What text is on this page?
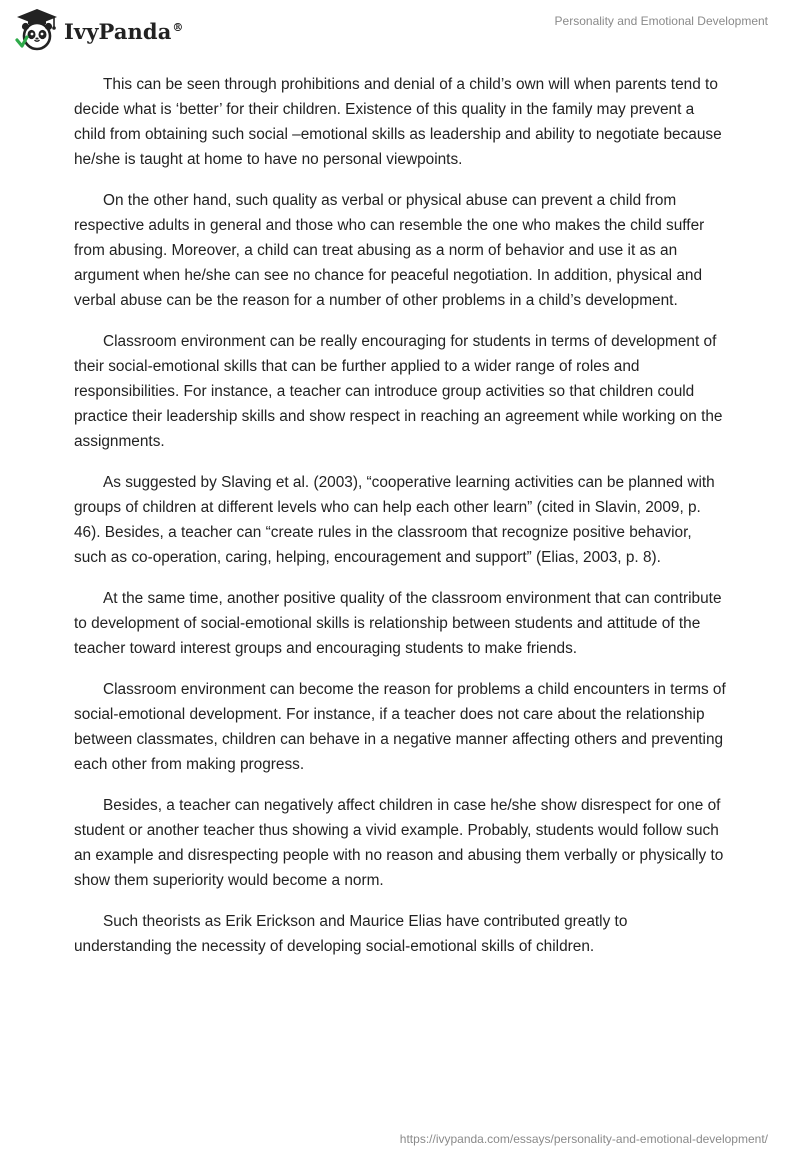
IvyPanda®	Personality and Emotional Development

This can be seen through prohibitions and denial of a child’s own will when parents tend to decide what is ‘better’ for their children. Existence of this quality in the family may prevent a child from obtaining such social –emotional skills as leadership and ability to negotiate because he/she is taught at home to have no personal viewpoints.

On the other hand, such quality as verbal or physical abuse can prevent a child from respective adults in general and those who can resemble the one who makes the child suffer from abusing. Moreover, a child can treat abusing as a norm of behavior and use it as an argument when he/she can see no chance for peaceful negotiation. In addition, physical and verbal abuse can be the reason for a number of other problems in a child’s development.

Classroom environment can be really encouraging for students in terms of development of their social-emotional skills that can be further applied to a wider range of roles and responsibilities. For instance, a teacher can introduce group activities so that children could practice their leadership skills and show respect in reaching an agreement while working on the assignments.

As suggested by Slaving et al. (2003), “cooperative learning activities can be planned with groups of children at different levels who can help each other learn” (cited in Slavin, 2009, p. 46). Besides, a teacher can “create rules in the classroom that recognize positive behavior, such as co-operation, caring, helping, encouragement and support” (Elias, 2003, p. 8).

At the same time, another positive quality of the classroom environment that can contribute to development of social-emotional skills is relationship between students and attitude of the teacher toward interest groups and encouraging students to make friends.

Classroom environment can become the reason for problems a child encounters in terms of social-emotional development. For instance, if a teacher does not care about the relationship between classmates, children can behave in a negative manner affecting others and preventing each other from making progress.

Besides, a teacher can negatively affect children in case he/she show disrespect for one of student or another teacher thus showing a vivid example. Probably, students would follow such an example and disrespecting people with no reason and abusing them verbally or physically to show them superiority would become a norm.

Such theorists as Erik Erickson and Maurice Elias have contributed greatly to understanding the necessity of developing social-emotional skills of children.

https://ivypanda.com/essays/personality-and-emotional-development/
